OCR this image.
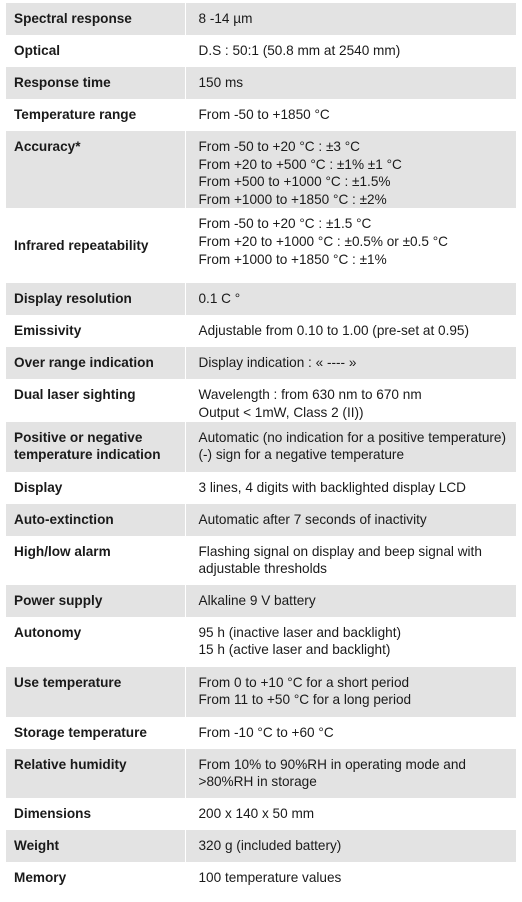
Spectral response	8 -14 µm

Optical	D.S : 50:1 (50.8 mm at 2540 mm)

Response time	150 ms

Temperature range	From -50 to +1850 °C

Accuracy*	From -50 to +20 °C : ±3 °C
From +20 to +500 °C : ±1% ±1 °C
From +500 to +1000 °C : ±1.5%
From +1000 to +1850 °C : ±2%

Infrared repeatability	From -50 to +20 °C : ±1.5 °C
From +20 to +1000 °C : ±0.5% or ±0.5 °C
From +1000 to +1850 °C : ±1%

Display resolution	0.1 C °

Emissivity	Adjustable from 0.10 to 1.00 (pre-set at 0.95)

Over range indication	Display indication : « ---- »

Dual laser sighting	Wavelength : from 630 nm to 670 nm
Output < 1mW, Class 2 (II))

Positive or negative
temperature indication	Automatic (no indication for a positive temperature)
(-) sign for a negative temperature

Display	3 lines, 4 digits with backlighted display LCD

Auto-extinction	Automatic after 7 seconds of inactivity

High/low alarm	Flashing signal on display and beep signal with
adjustable thresholds

Power supply	Alkaline 9 V battery

Autonomy	95 h (inactive laser and backlight)
15 h (active laser and backlight)

Use temperature	From 0 to +10 °C for a short period
From 11 to +50 °C for a long period

Storage temperature	From -10 °C to +60 °C

Relative humidity	From 10% to 90%RH in operating mode and
>80%RH in storage

Dimensions	200 x 140 x 50 mm

Weight	320 g (included battery)

Memory	100 temperature values
